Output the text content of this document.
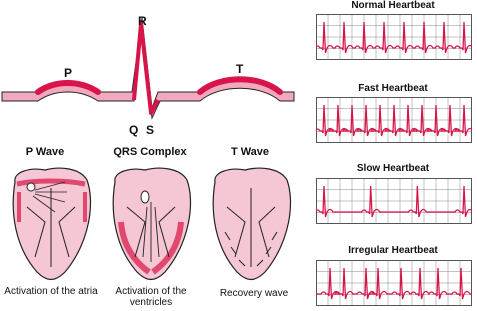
P
R
Q S
T
P Wave	QRS Complex	T Wave
Activation of the atria	Activation of the ventricles
Recovery wave
Normal Heartbeat
Fast Heartbeat
Slow Heartbeat
Irregular Heartbeat
